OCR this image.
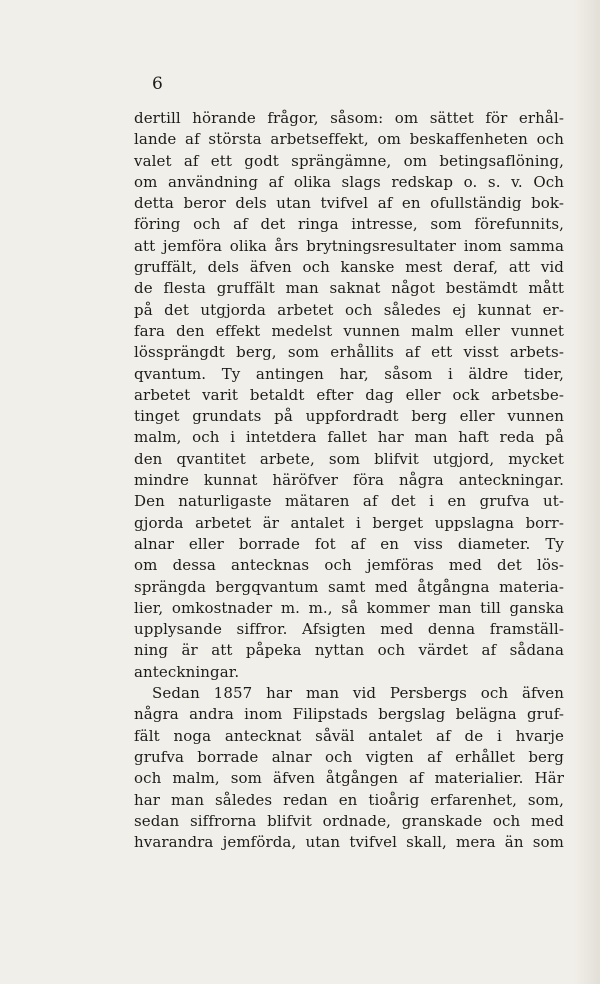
6
dertill hörande frågor, såsom: om sättet för erhål-
lande af största arbetseffekt, om beskaffenheten och
valet af ett godt sprängämne, om betingsaflöning,
om användning af olika slags redskap o. s. v. Och
detta beror dels utan tvifvel af en ofullständig bok-
föring och af det ringa intresse, som förefunnits,
att jemföra olika års brytningsresultater inom samma
gruffält, dels äfven och kanske mest deraf, att vid
de flesta gruffält man saknat något bestämdt mått
på det utgjorda arbetet och således ej kunnat er-
fara den effekt medelst vunnen malm eller vunnet
lössprängdt berg, som erhållits af ett visst arbets-
qvantum. Ty antingen har, såsom i äldre tider,
arbetet varit betaldt efter dag eller ock arbetsbe-
tinget grundats på uppfordradt berg eller vunnen
malm, och i intetdera fallet har man haft reda på
den qvantitet arbete, som blifvit utgjord, mycket
mindre kunnat häröfver föra några anteckningar.
Den naturligaste mätaren af det i en grufva ut-
gjorda arbetet är antalet i berget uppslagna borr-
alnar eller borrade fot af en viss diameter. Ty
om dessa antecknas och jemföras med det lös-
sprängda bergqvantum samt med åtgångna materia-
lier, omkostnader m. m., så kommer man till ganska
upplysande siffror. Afsigten med denna framställ-
ning är att påpeka nyttan och värdet af sådana
anteckningar.
Sedan 1857 har man vid Persbergs och äfven
några andra inom Filipstads bergslag belägna gruf-
fält noga antecknat såväl antalet af de i hvarje
grufva borrade alnar och vigten af erhållet berg
och malm, som äfven åtgången af materialier. Här
har man således redan en tioårig erfarenhet, som,
sedan siffrorna blifvit ordnade, granskade och med
hvarandra jemförda, utan tvifvel skall, mera än som
